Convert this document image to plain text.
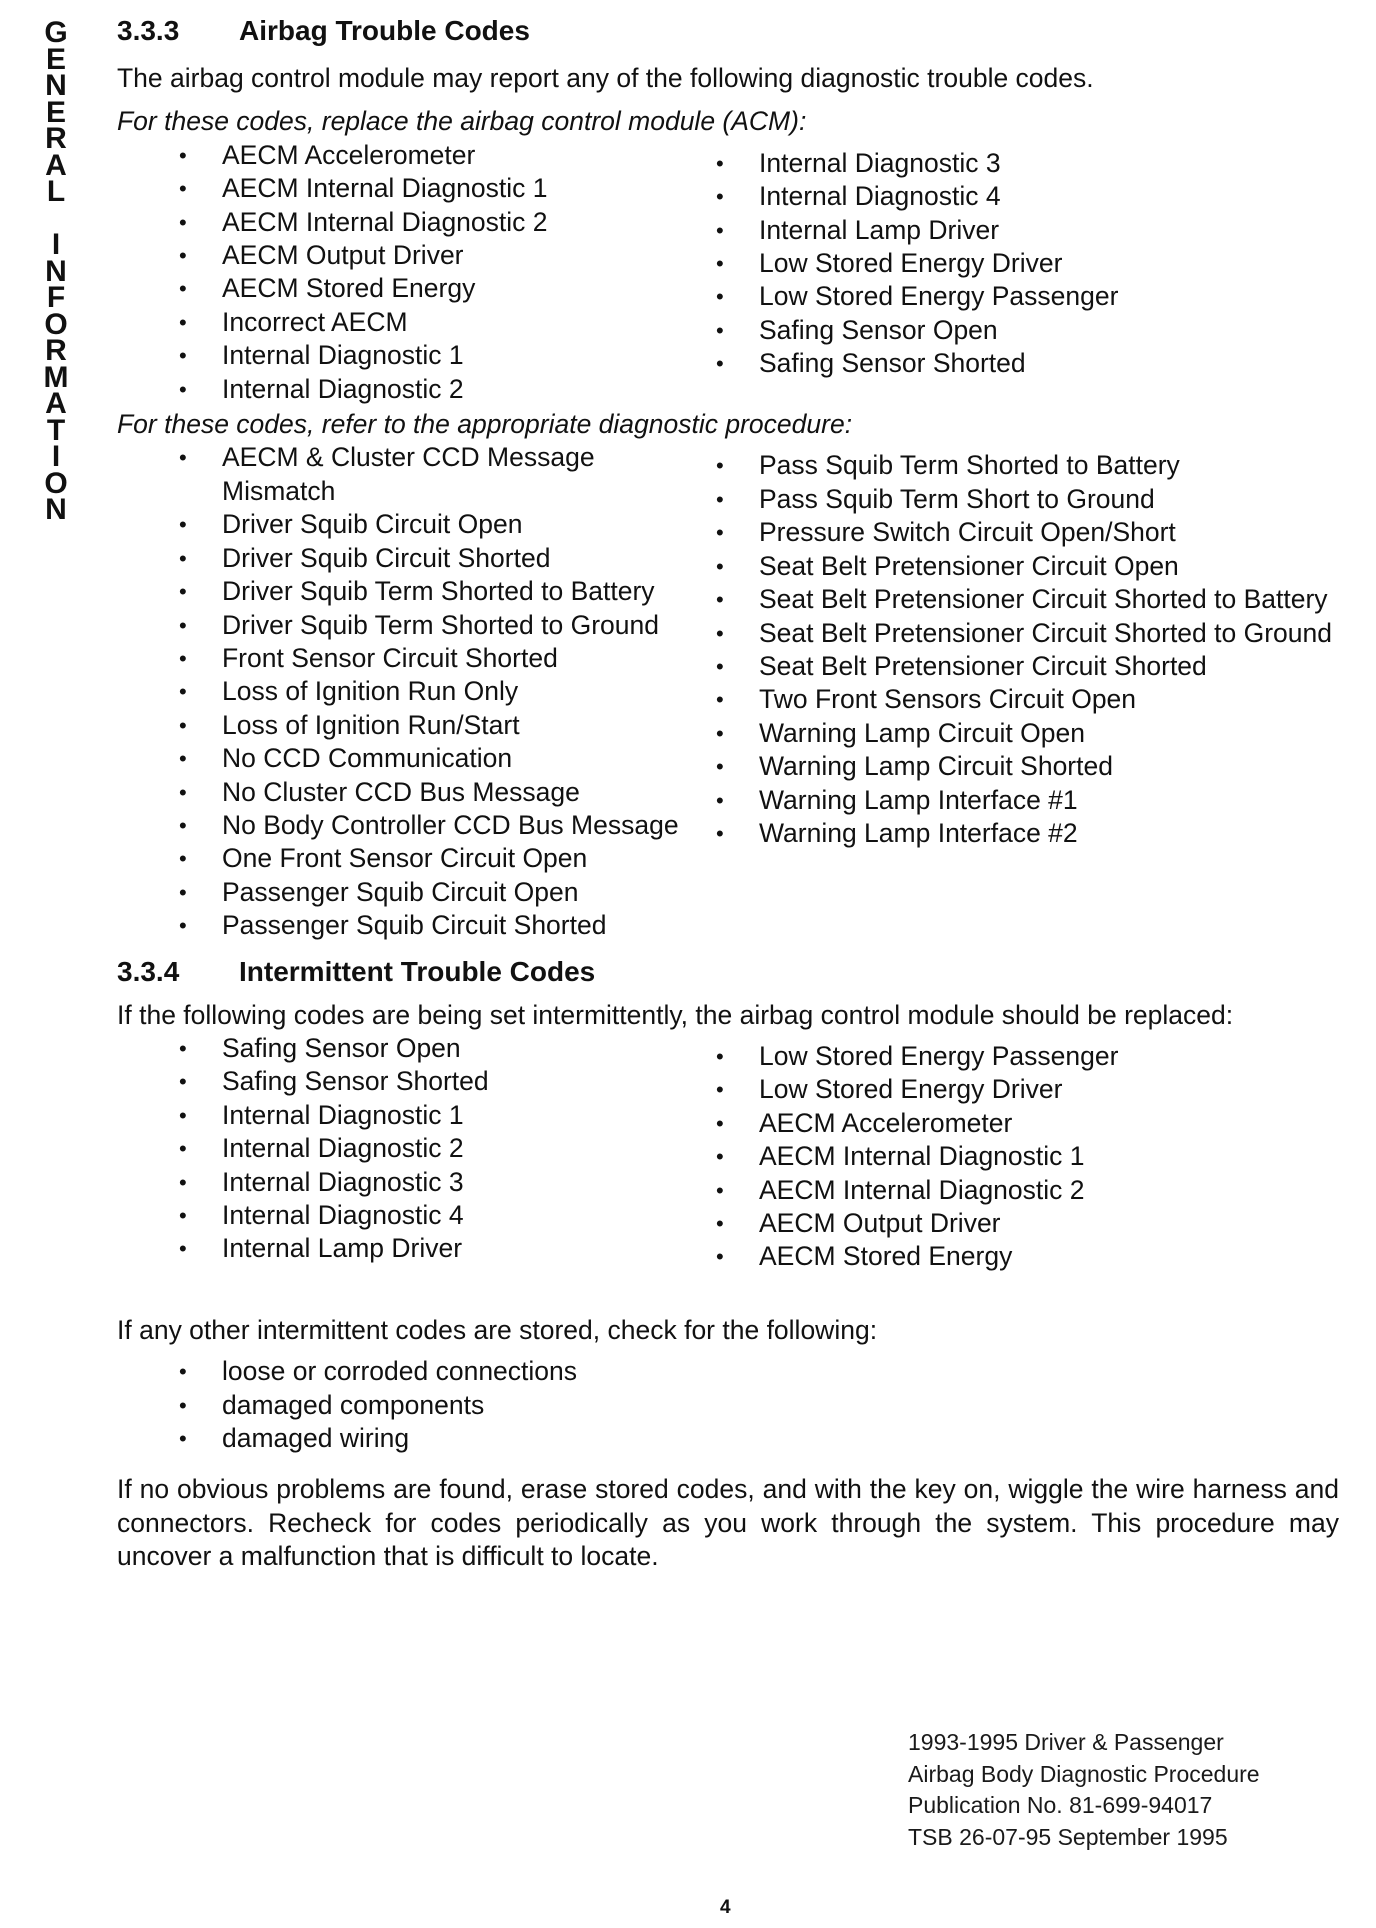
G
E
N
E
R
A
L
I
N
F
O
R
M
A
T
I
O
N
3.3.3 Airbag Trouble Codes

The airbag control module may report any of the following diagnostic trouble codes.

For these codes, replace the airbag control module (ACM):

• AECM Accelerometer
• AECM Internal Diagnostic 1
• AECM Internal Diagnostic 2
• AECM Output Driver
• AECM Stored Energy
• Incorrect AECM
• Internal Diagnostic 1
• Internal Diagnostic 2
• Internal Diagnostic 3
• Internal Diagnostic 4
• Internal Lamp Driver
• Low Stored Energy Driver
• Low Stored Energy Passenger
• Safing Sensor Open
• Safing Sensor Shorted

For these codes, refer to the appropriate diagnostic procedure:

• AECM & Cluster CCD Message Mismatch
• Driver Squib Circuit Open
• Driver Squib Circuit Shorted
• Driver Squib Term Shorted to Battery
• Driver Squib Term Shorted to Ground
• Front Sensor Circuit Shorted
• Loss of Ignition Run Only
• Loss of Ignition Run/Start
• No CCD Communication
• No Cluster CCD Bus Message
• No Body Controller CCD Bus Message
• One Front Sensor Circuit Open
• Passenger Squib Circuit Open
• Passenger Squib Circuit Shorted
• Pass Squib Term Shorted to Battery
• Pass Squib Term Short to Ground
• Pressure Switch Circuit Open/Short
• Seat Belt Pretensioner Circuit Open
• Seat Belt Pretensioner Circuit Shorted to Battery
• Seat Belt Pretensioner Circuit Shorted to Ground
• Seat Belt Pretensioner Circuit Shorted
• Two Front Sensors Circuit Open
• Warning Lamp Circuit Open
• Warning Lamp Circuit Shorted
• Warning Lamp Interface #1
• Warning Lamp Interface #2
3.3.4 Intermittent Trouble Codes

If the following codes are being set intermittently, the airbag control module should be replaced:

• Safing Sensor Open
• Safing Sensor Shorted
• Internal Diagnostic 1
• Internal Diagnostic 2
• Internal Diagnostic 3
• Internal Diagnostic 4
• Internal Lamp Driver
• Low Stored Energy Passenger
• Low Stored Energy Driver
• AECM Accelerometer
• AECM Internal Diagnostic 1
• AECM Internal Diagnostic 2
• AECM Output Driver
• AECM Stored Energy

If any other intermittent codes are stored, check for the following:

• loose or corroded connections
• damaged components
• damaged wiring

If no obvious problems are found, erase stored codes, and with the key on, wiggle the wire harness and connectors. Recheck for codes periodically as you work through the system. This procedure may uncover a malfunction that is difficult to locate.

1993-1995 Driver & Passenger
Airbag Body Diagnostic Procedure
Publication No. 81-699-94017
TSB 26-07-95 September 1995
4
